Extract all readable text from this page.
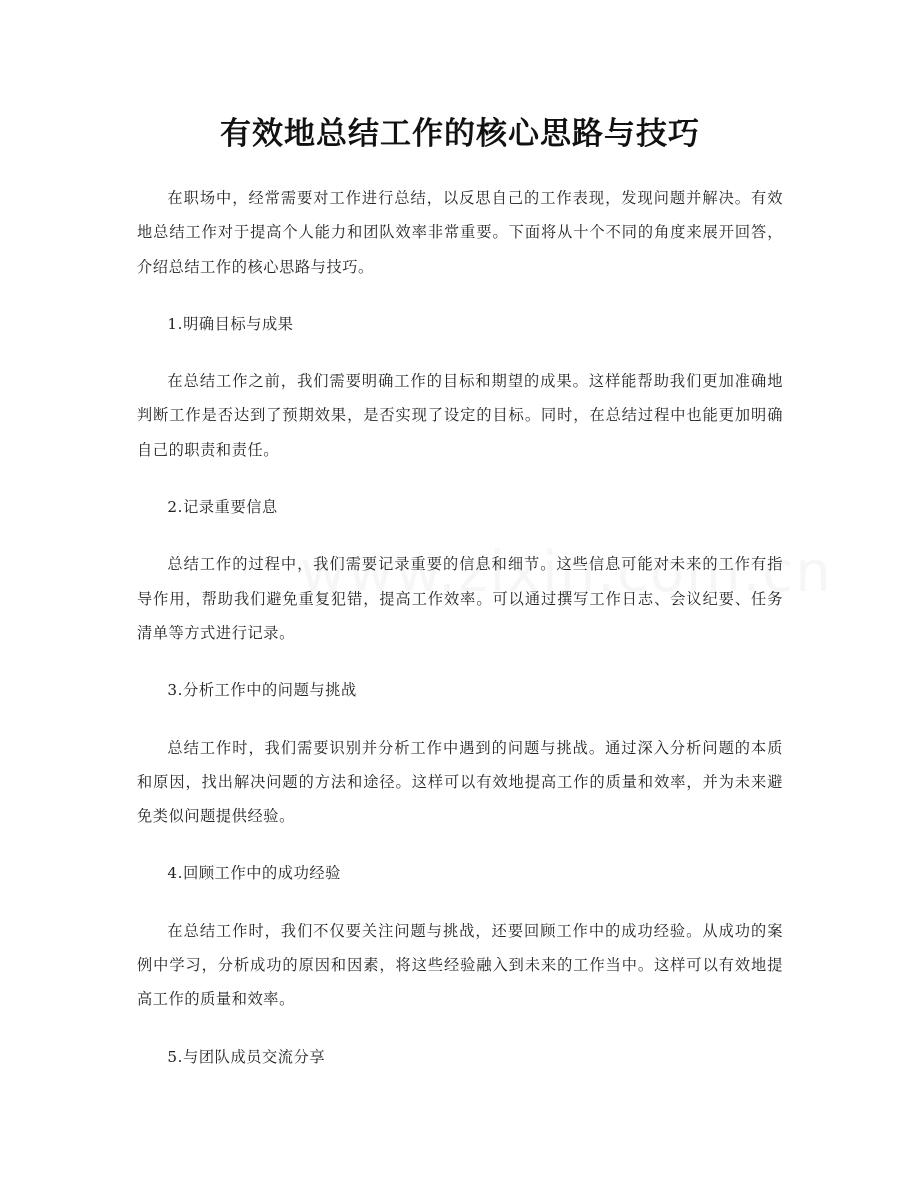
有效地总结工作的核心思路与技巧

在职场中，经常需要对工作进行总结，以反思自己的工作表现，发现问题并解决。有效地总结工作对于提高个人能力和团队效率非常重要。下面将从十个不同的角度来展开回答，介绍总结工作的核心思路与技巧。

1.明确目标与成果

在总结工作之前，我们需要明确工作的目标和期望的成果。这样能帮助我们更加准确地判断工作是否达到了预期效果，是否实现了设定的目标。同时，在总结过程中也能更加明确自己的职责和责任。

2.记录重要信息

总结工作的过程中，我们需要记录重要的信息和细节。这些信息可能对未来的工作有指导作用，帮助我们避免重复犯错，提高工作效率。可以通过撰写工作日志、会议纪要、任务清单等方式进行记录。

3.分析工作中的问题与挑战

总结工作时，我们需要识别并分析工作中遇到的问题与挑战。通过深入分析问题的本质和原因，找出解决问题的方法和途径。这样可以有效地提高工作的质量和效率，并为未来避免类似问题提供经验。

4.回顾工作中的成功经验

在总结工作时，我们不仅要关注问题与挑战，还要回顾工作中的成功经验。从成功的案例中学习，分析成功的原因和因素，将这些经验融入到未来的工作当中。这样可以有效地提高工作的质量和效率。

5.与团队成员交流分享
